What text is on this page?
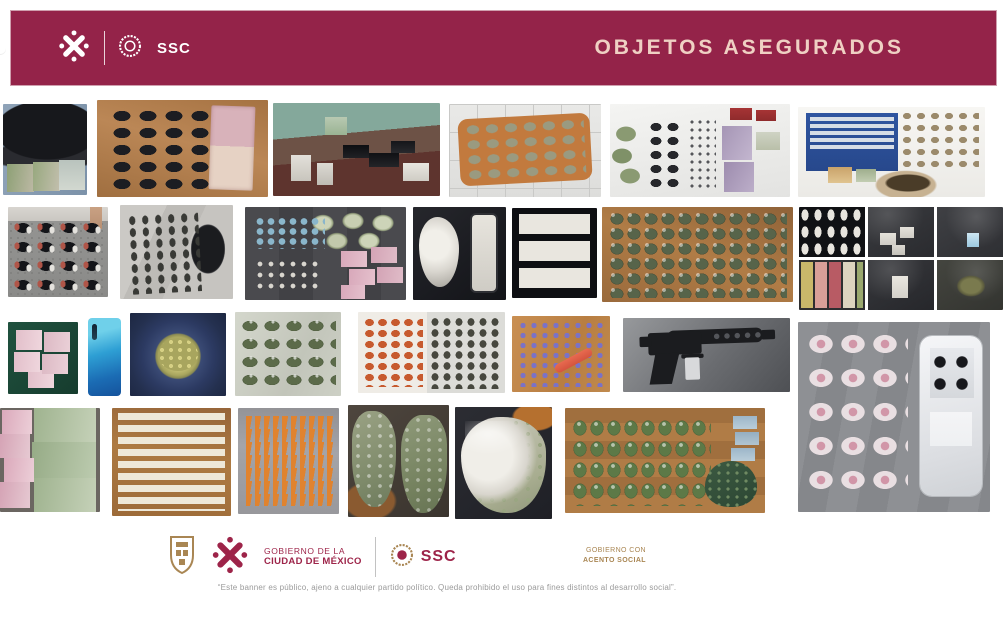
SSC	OBJETOS ASEGURADOS
GOBIERNO DE LA
CIUDAD DE MÉXICO	SSC	GOBIERNO CON
ACENTO SOCIAL
“Este banner es público, ajeno a cualquier partido político. Queda prohibido el uso para fines distintos al desarrollo social”.
